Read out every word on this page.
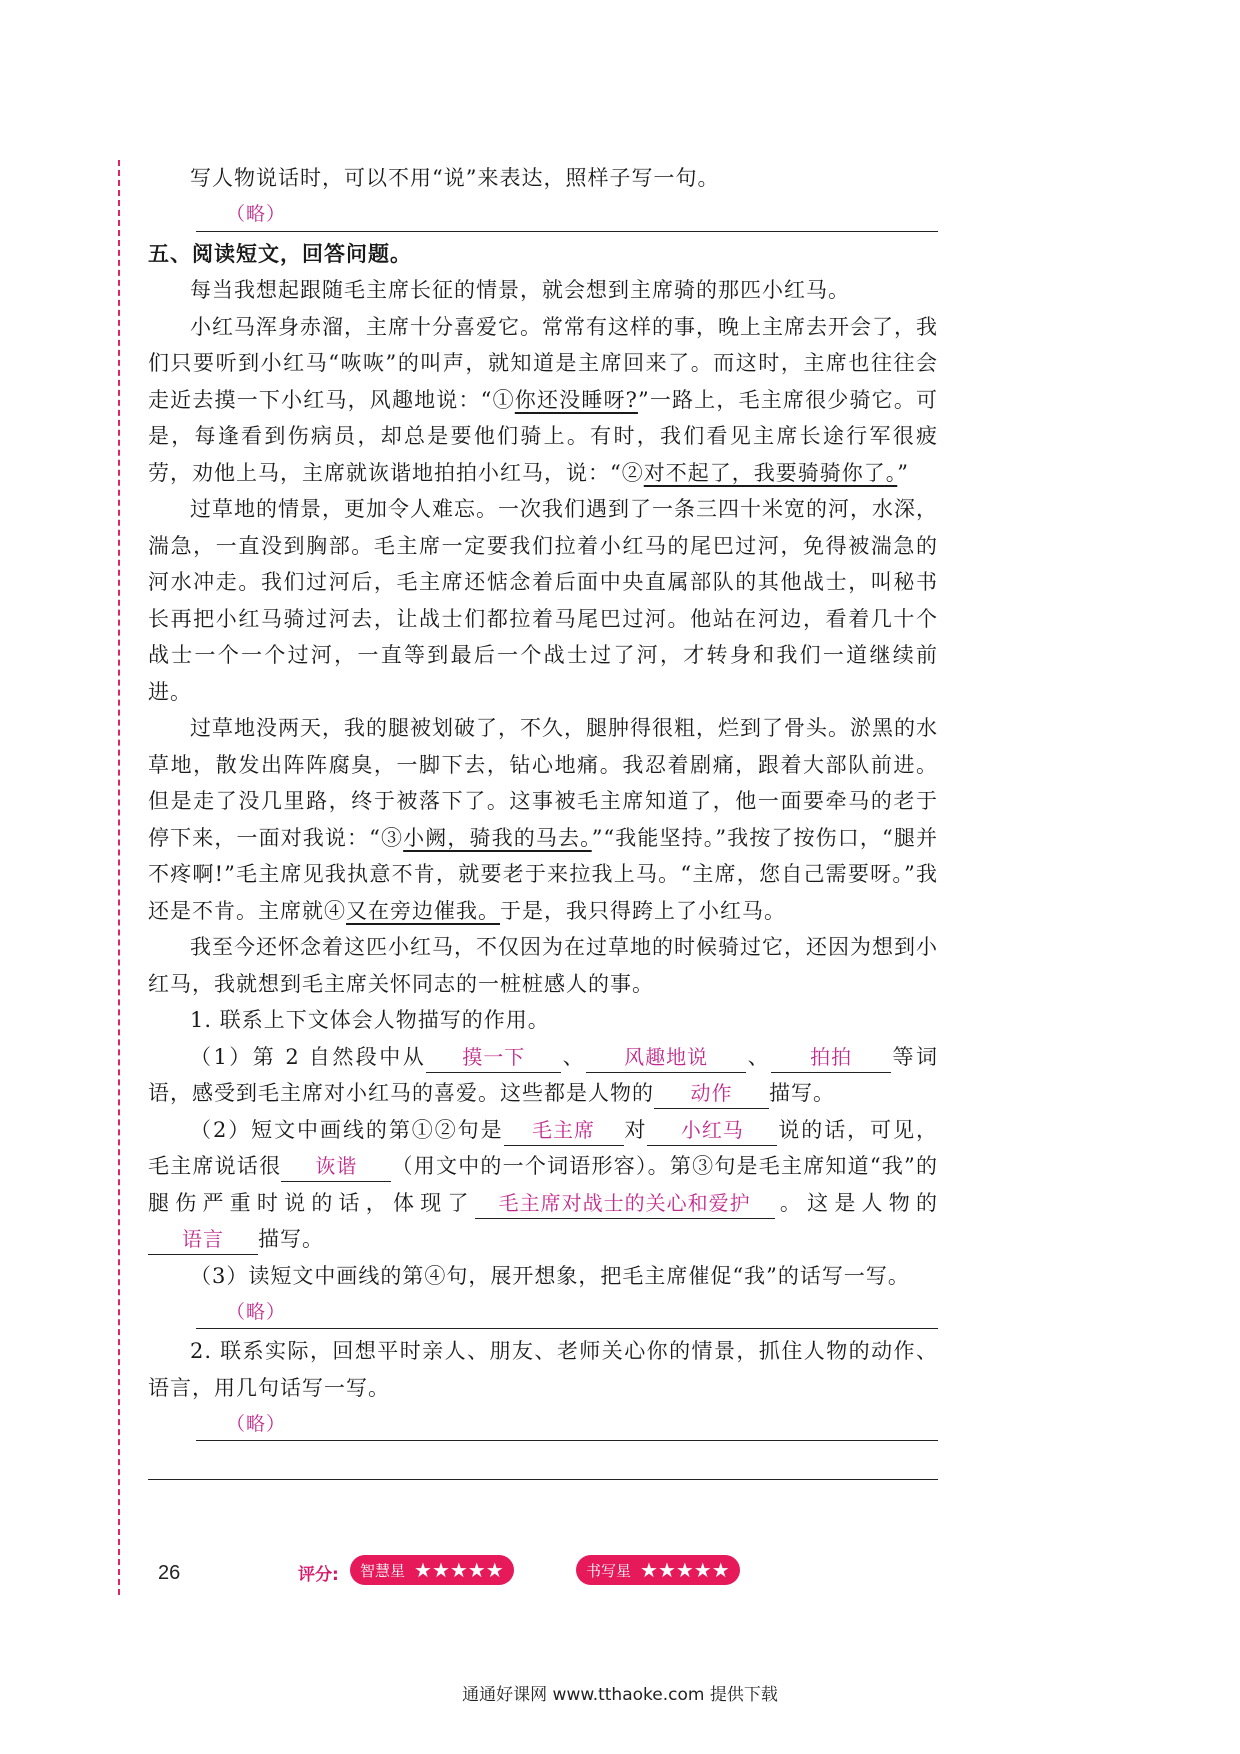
写人物说话时，可以不用“说”来表达，照样子写一句。

（略）

五、阅读短文，回答问题。

每当我想起跟随毛主席长征的情景，就会想到主席骑的那匹小红马。

小红马浑身赤溜，主席十分喜爱它。常常有这样的事，晚上主席去开会了，我们只要听到小红马“咴咴”的叫声，就知道是主席回来了。而这时，主席也往往会走近去摸一下小红马，风趣地说：“①你还没睡呀?”一路上，毛主席很少骑它。可是，每逢看到伤病员，却总是要他们骑上。有时，我们看见主席长途行军很疲劳，劝他上马，主席就诙谐地拍拍小红马，说：“②对不起了，我要骑骑你了。”

过草地的情景，更加令人难忘。一次我们遇到了一条三四十米宽的河，水深，湍急，一直没到胸部。毛主席一定要我们拉着小红马的尾巴过河，免得被湍急的河水冲走。我们过河后，毛主席还惦念着后面中央直属部队的其他战士，叫秘书长再把小红马骑过河去，让战士们都拉着马尾巴过河。他站在河边，看着几十个战士一个一个过河，一直等到最后一个战士过了河，才转身和我们一道继续前进。

过草地没两天，我的腿被划破了，不久，腿肿得很粗，烂到了骨头。淤黑的水草地，散发出阵阵腐臭，一脚下去，钻心地痛。我忍着剧痛，跟着大部队前进。但是走了没几里路，终于被落下了。这事被毛主席知道了，他一面要牵马的老于停下来，一面对我说：“③小阙，骑我的马去。”“我能坚持。”我按了按伤口，“腿并不疼啊!”毛主席见我执意不肯，就要老于来拉我上马。“主席，您自己需要呀。”我还是不肯。主席就④又在旁边催我。于是，我只得跨上了小红马。

我至今还怀念着这匹小红马，不仅因为在过草地的时候骑过它，还因为想到小红马，我就想到毛主席关怀同志的一桩桩感人的事。

1. 联系上下文体会人物描写的作用。

（1）第 2 自然段中从 摸一下 、 风趣地说 、 拍拍 等词语，感受到毛主席对小红马的喜爱。这些都是人物的 动作 描写。

（2）短文中画线的第①②句是 毛主席 对 小红马 说的话，可见，毛主席说话很 诙谐 （用文中的一个词语形容）。第③句是毛主席知道“我”的腿伤严重时说的话，体现了 毛主席对战士的关心和爱护 。这是人物的语言 描写。

（3）读短文中画线的第④句，展开想象，把毛主席催促“我”的话写一写。

（略）

2. 联系实际，回想平时亲人、朋友、老师关心你的情景，抓住人物的动作、语言，用几句话写一写。

（略）
26	评分: 智慧星 ★★★★★	书写星 ★★★★★
通通好课网 www.tthaoke.com 提供下载
